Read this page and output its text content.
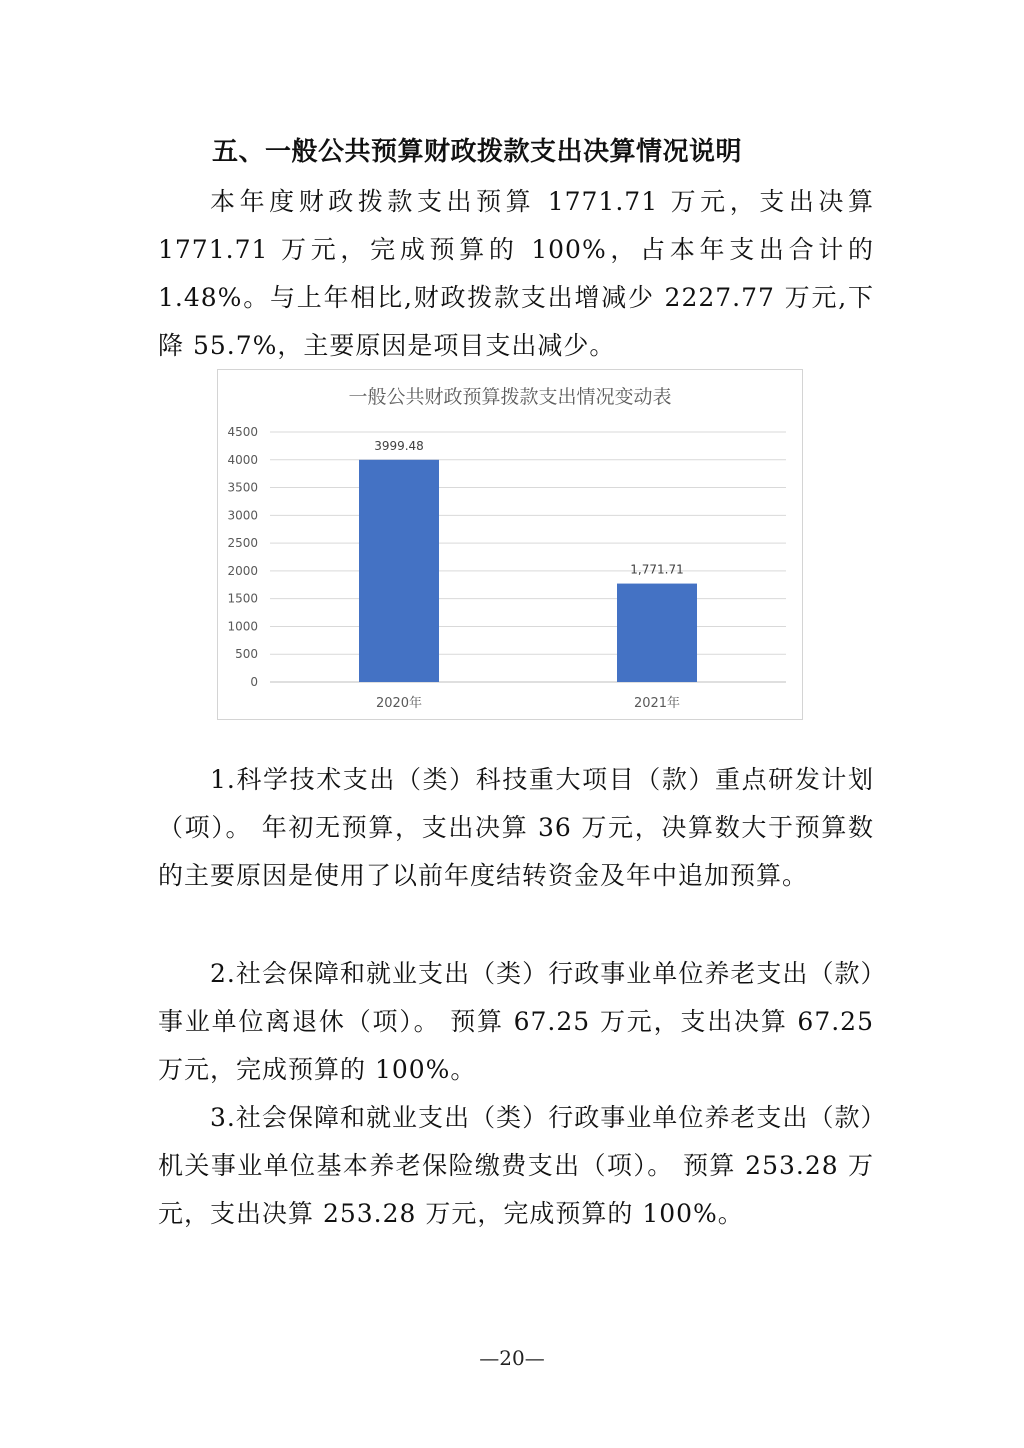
五、一般公共预算财政拨款支出决算情况说明

本年度财政拨款支出预算 1771.71 万元，支出决算 1771.71 万元，完成预算的 100%，占本年支出合计的 1.48%。与上年相比,财政拨款支出增减少 2227.77 万元,下降 55.7%，主要原因是项目支出减少。

一般公共财政预算拨款支出情况变动表

0
500
1000
1500
2000
2500
3000
3500
4000
4500
3999.48
2020年
1,771.71
2021年

1.科学技术支出（类）科技重大项目（款）重点研发计划（项）。 年初无预算，支出决算 36 万元，决算数大于预算数的主要原因是使用了以前年度结转资金及年中追加预算。

2.社会保障和就业支出（类）行政事业单位养老支出（款）事业单位离退休（项）。 预算 67.25 万元，支出决算 67.25 万元，完成预算的 100%。

3.社会保障和就业支出（类）行政事业单位养老支出（款）机关事业单位基本养老保险缴费支出（项）。 预算 253.28 万元，支出决算 253.28 万元，完成预算的 100%。

—20—
